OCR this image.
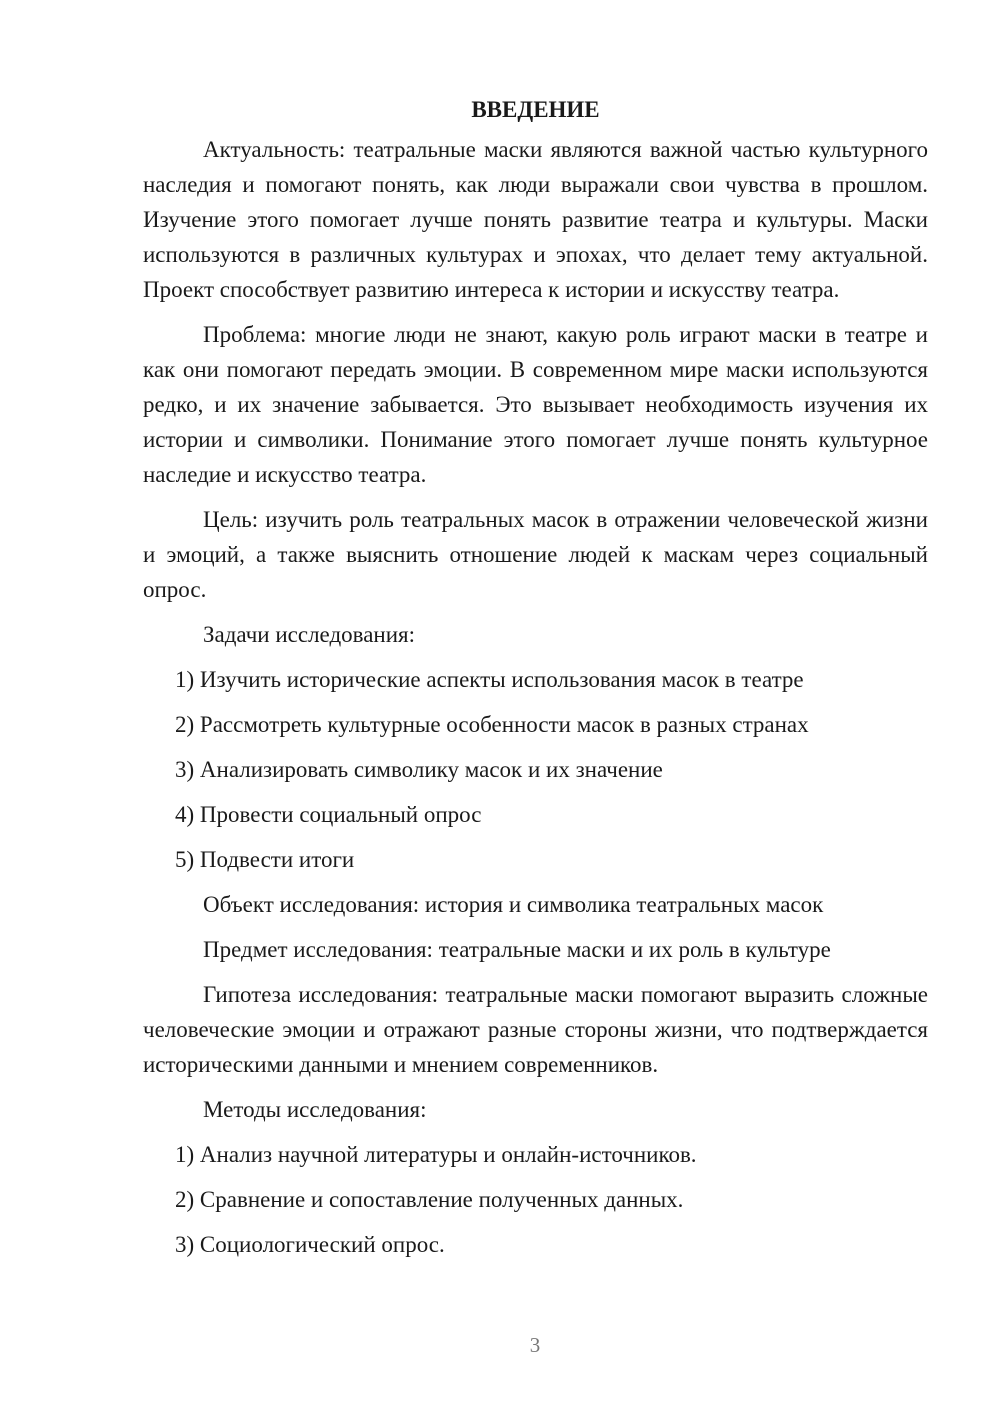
ВВЕДЕНИЕ
Актуальность: театральные маски являются важной частью культурного наследия и помогают понять, как люди выражали свои чувства в прошлом. Изучение этого помогает лучше понять развитие театра и культуры. Маски используются в различных культурах и эпохах, что делает тему актуальной. Проект способствует развитию интереса к истории и искусству театра.
Проблема: многие люди не знают, какую роль играют маски в театре и как они помогают передать эмоции. В современном мире маски используются редко, и их значение забывается. Это вызывает необходимость изучения их истории и символики. Понимание этого помогает лучше понять культурное наследие и искусство театра.
Цель: изучить роль театральных масок в отражении человеческой жизни и эмоций, а также выяснить отношение людей к маскам через социальный опрос.
Задачи исследования:
1) Изучить исторические аспекты использования масок в театре
2) Рассмотреть культурные особенности масок в разных странах
3) Анализировать символику масок и их значение
4) Провести социальный опрос
5) Подвести итоги
Объект исследования: история и символика театральных масок
Предмет исследования: театральные маски и их роль в культуре
Гипотеза исследования: театральные маски помогают выразить сложные человеческие эмоции и отражают разные стороны жизни, что подтверждается историческими данными и мнением современников.
Методы исследования:
1) Анализ научной литературы и онлайн-источников.
2) Сравнение и сопоставление полученных данных.
3) Социологический опрос.
3
